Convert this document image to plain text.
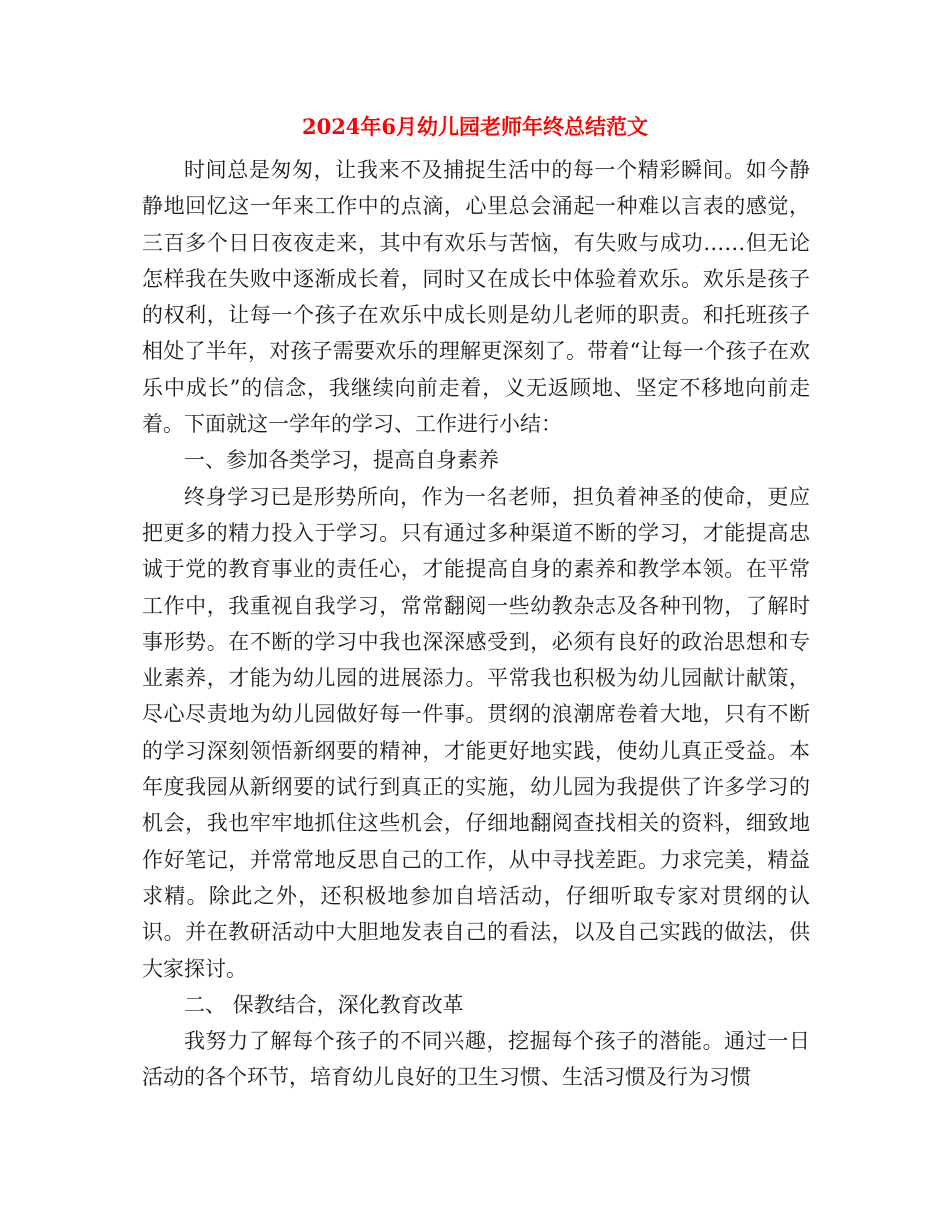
2024年6月幼儿园老师年终总结范文

时间总是匆匆，让我来不及捕捉生活中的每一个精彩瞬间。如今静静地回忆这一年来工作中的点滴，心里总会涌起一种难以言表的感觉，三百多个日日夜夜走来，其中有欢乐与苦恼，有失败与成功……但无论怎样我在失败中逐渐成长着，同时又在成长中体验着欢乐。欢乐是孩子的权利，让每一个孩子在欢乐中成长则是幼儿老师的职责。和托班孩子相处了半年，对孩子需要欢乐的理解更深刻了。带着“让每一个孩子在欢乐中成长”的信念，我继续向前走着，义无返顾地、坚定不移地向前走着。下面就这一学年的学习、工作进行小结：

一、参加各类学习，提高自身素养

终身学习已是形势所向，作为一名老师，担负着神圣的使命，更应把更多的精力投入于学习。只有通过多种渠道不断的学习，才能提高忠诚于党的教育事业的责任心，才能提高自身的素养和教学本领。在平常工作中，我重视自我学习，常常翻阅一些幼教杂志及各种刊物，了解时事形势。在不断的学习中我也深深感受到，必须有良好的政治思想和专业素养，才能为幼儿园的进展添力。平常我也积极为幼儿园献计献策，尽心尽责地为幼儿园做好每一件事。贯纲的浪潮席卷着大地，只有不断的学习深刻领悟新纲要的精神，才能更好地实践，使幼儿真正受益。本年度我园从新纲要的试行到真正的实施，幼儿园为我提供了许多学习的机会，我也牢牢地抓住这些机会，仔细地翻阅查找相关的资料，细致地作好笔记，并常常地反思自己的工作，从中寻找差距。力求完美，精益求精。除此之外，还积极地参加自培活动，仔细听取专家对贯纲的认识。并在教研活动中大胆地发表自己的看法，以及自己实践的做法，供大家探讨。

二、 保教结合，深化教育改革

我努力了解每个孩子的不同兴趣，挖掘每个孩子的潜能。通过一日活动的各个环节，培育幼儿良好的卫生习惯、生活习惯及行为习惯
